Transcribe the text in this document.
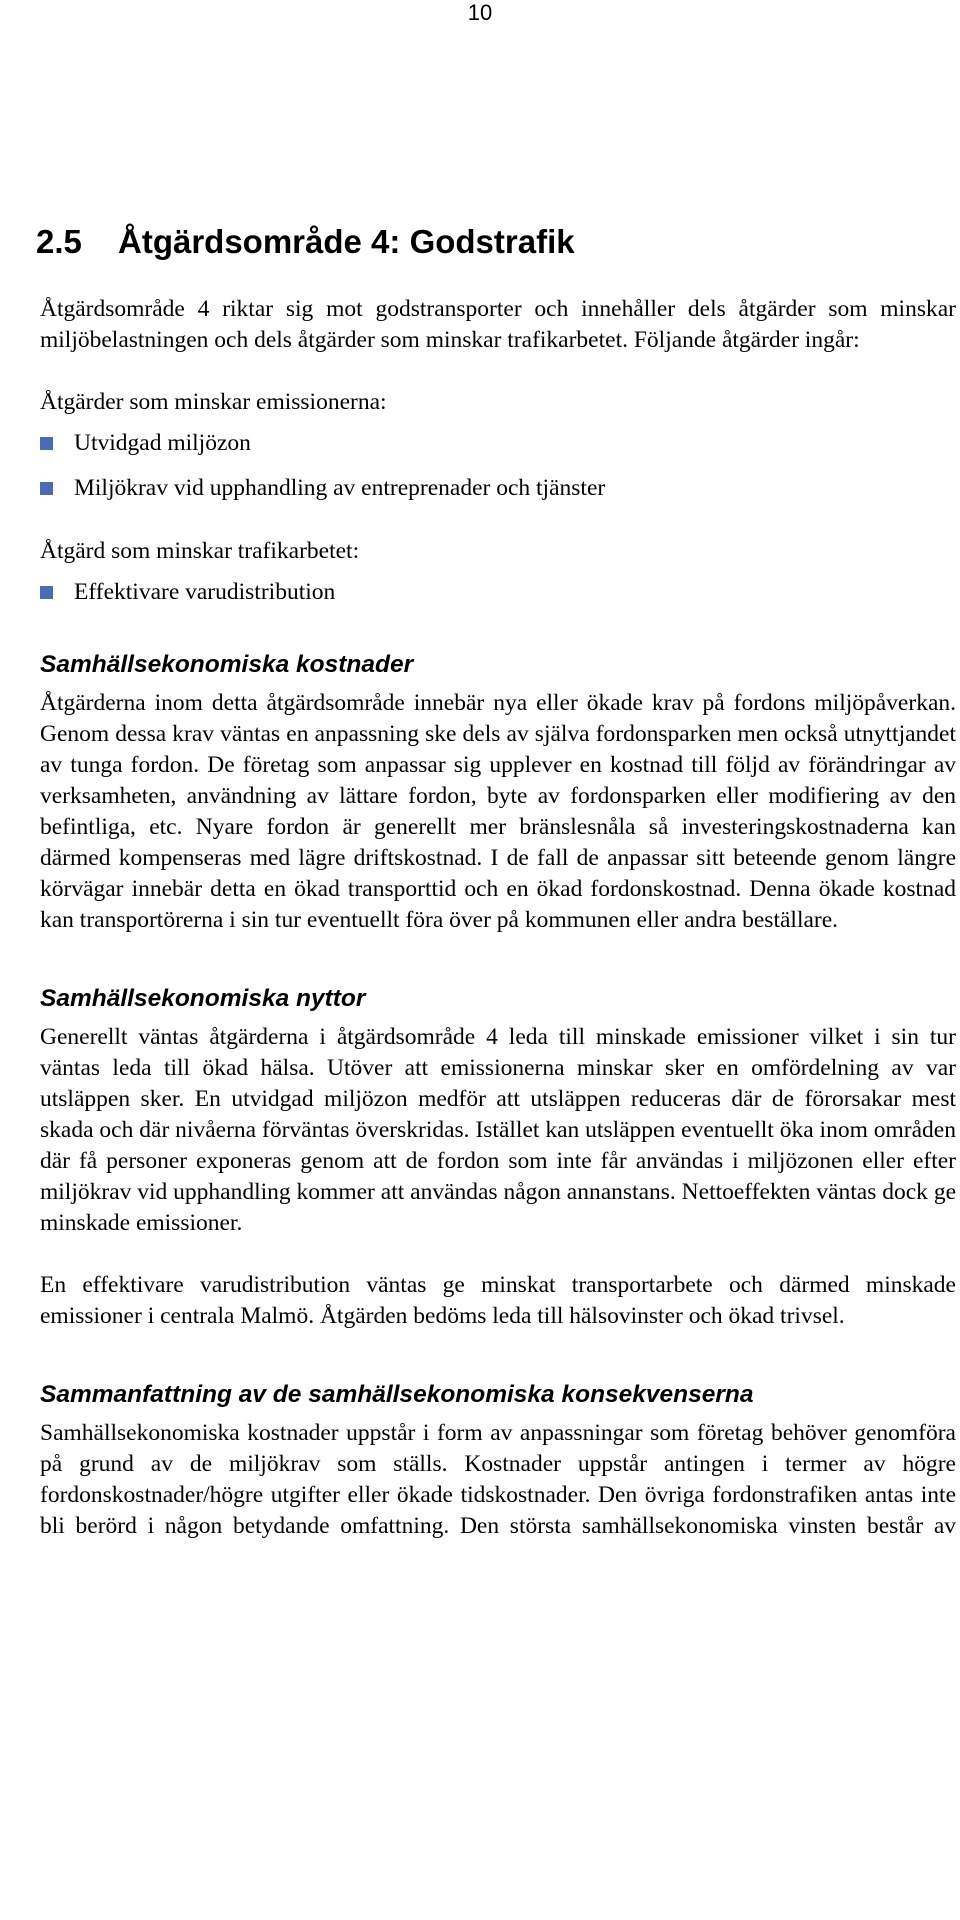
10
2.5 Åtgärdsområde 4: Godstrafik

Åtgärdsområde 4 riktar sig mot godstransporter och innehåller dels åtgärder som minskar miljöbelastningen och dels åtgärder som minskar trafikarbetet. Följande åtgärder ingår:

Åtgärder som minskar emissionerna:
Utvidgad miljözon
Miljökrav vid upphandling av entreprenader och tjänster
Åtgärd som minskar trafikarbetet:
Effektivare varudistribution
Samhällsekonomiska kostnader

Åtgärderna inom detta åtgärdsområde innebär nya eller ökade krav på fordons miljöpåverkan. Genom dessa krav väntas en anpassning ske dels av själva fordonsparken men också utnyttjandet av tunga fordon. De företag som anpassar sig upplever en kostnad till följd av förändringar av verksamheten, användning av lättare fordon, byte av fordonsparken eller modifiering av den befintliga, etc. Nyare fordon är generellt mer bränslesnåla så investeringskostnaderna kan därmed kompenseras med lägre driftskostnad. I de fall de anpassar sitt beteende genom längre körvägar innebär detta en ökad transporttid och en ökad fordonskostnad. Denna ökade kostnad kan transportörerna i sin tur eventuellt föra över på kommunen eller andra beställare.

Samhällsekonomiska nyttor

Generellt väntas åtgärderna i åtgärdsområde 4 leda till minskade emissioner vilket i sin tur väntas leda till ökad hälsa. Utöver att emissionerna minskar sker en omfördelning av var utsläppen sker. En utvidgad miljözon medför att utsläppen reduceras där de förorsakar mest skada och där nivåerna förväntas överskridas. Istället kan utsläppen eventuellt öka inom områden där få personer exponeras genom att de fordon som inte får användas i miljözonen eller efter miljökrav vid upphandling kommer att användas någon annanstans. Nettoeffekten väntas dock ge minskade emissioner.

En effektivare varudistribution väntas ge minskat transportarbete och därmed minskade emissioner i centrala Malmö. Åtgärden bedöms leda till hälsovinster och ökad trivsel.

Sammanfattning av de samhällsekonomiska konsekvenserna

Samhällsekonomiska kostnader uppstår i form av anpassningar som företag behöver genomföra på grund av de miljökrav som ställs. Kostnader uppstår antingen i termer av högre fordonskostnader/högre utgifter eller ökade tidskostnader. Den övriga fordonstrafiken antas inte bli berörd i någon betydande omfattning. Den största samhällsekonomiska vinsten består av
